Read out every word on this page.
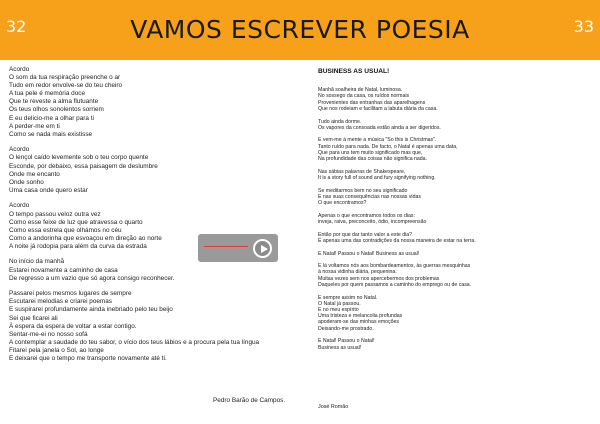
32	VAMOS ESCREVER POESIA	33
Acordo
O som da tua respiração preenche o ar
Tudo em redor envolve-se do teu cheiro
A tua pele é memória doce
Que te reveste a alma flutuante
Os teus olhos sonolentos sorriem
E eu delicio-me a olhar para ti
A perder-me em ti
Como se nada mais existisse
Acordo
O lençol caído levemente sob o teu corpo quente
Esconde, por debaixo, essa paisagem de deslumbre
Onde me encanto
Onde sonho
Uma casa onde quero estar
Acordo
O tempo passou veloz outra vez
Como esse feixe de luz que atravessa o quarto
Como essa estrela que olhámos no céu
Como a andorinha que esvoaçou em direção ao norte
A noite já rodopia para além da curva da estrada
No início da manhã
Estarei novamente a caminho de casa
De regresso a um vazio que só agora consigo reconhecer.
Passarei pelos mesmos lugares de sempre
Escutarei melodias e criarei poemas
E suspirarei profundamente ainda inebriado pelo teu beijo
Sei que ficarei ali
À espera da espera de voltar a estar contigo.
Sentar-me-ei no nosso sofá
A contemplar a saudade do teu sabor, o vício dos teus lábios e a procura pela tua língua
Fitarei pela janela o Sol, ao longe
E deixarei que o tempo me transporte novamente até ti.
Pedro Barão de Campos.
BUSINESS AS USUAL!
Manhã soalheira de Natal, luminosa.
No sossego da casa, os ruídos normais
Provenientes das entranhas das aparelhagens
Que nos rodeiam e facilitam a labuta diária da casa.
Tudo ainda dorme.
Os vapores da consoada estão ainda a ser digeridos.
E vem-me à mente a música "So this is Christmas".
Tanto ruído para nada. De facto, o Natal é apenas uma data,
Que para uns tem muito significado mas que,
Na profundidade das coisas não significa nada.
Nas sábias palavras de Shakespeare,
It is a story full of sound and fury signifying nothing.
Se meditarmos bem no seu significado
E nas suas consequências nas nossas vidas
O que encontramos?
Apenas o que encontramos todos os dias:
inveja, raiva, preconceito, ódio, incompreensão
Então por que dar tanto valor a este dia?
É apenas uma das contradições da nossa maneira de estar na terra.
E Natal! Passou o Natal! Business as usual!
E lá voltamos nós aos bombardeamentos, às guerras mesquinhas
à nossa vidinha diária, pequenina.
Muitas vezes sem nos apercebermos dos problemas
Daqueles por quem passamos a caminho do emprego ou de casa.
E sempre assim no Natal.
O Natal já passou.
E no meu espírito
Uma tristeza e melancolia profundas
apoderam-se das minhas emoções
Deixando-me prostrado.
E Natal! Passou o Natal!
Business as usual!
José Romão
